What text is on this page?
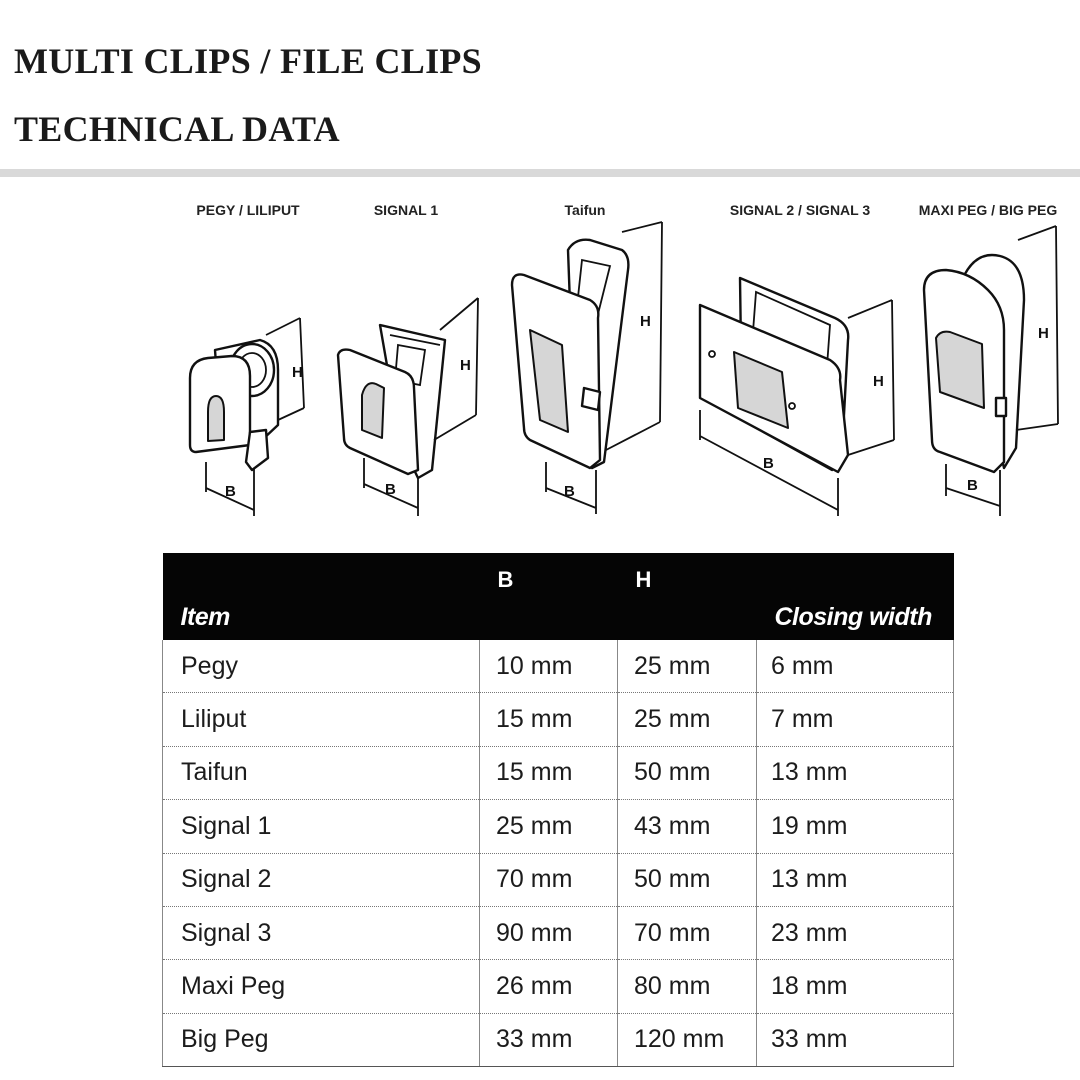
MULTI CLIPS / FILE CLIPS
TECHNICAL DATA
PEGY / LILIPUT	SIGNAL 1	Taifun	SIGNAL 2 / SIGNAL 3	MAXI PEG / BIG PEG
H
B
H
B
H
B
H
B
H
B
Item	B	H	Closing width

Pegy	10 mm	25 mm	6 mm
Liliput	15 mm	25 mm	7 mm
Taifun	15 mm	50 mm	13 mm
Signal 1	25 mm	43 mm	19 mm
Signal 2	70 mm	50 mm	13 mm
Signal 3	90 mm	70 mm	23 mm
Maxi Peg	26 mm	80 mm	18 mm
Big Peg	33 mm	120 mm	33 mm
